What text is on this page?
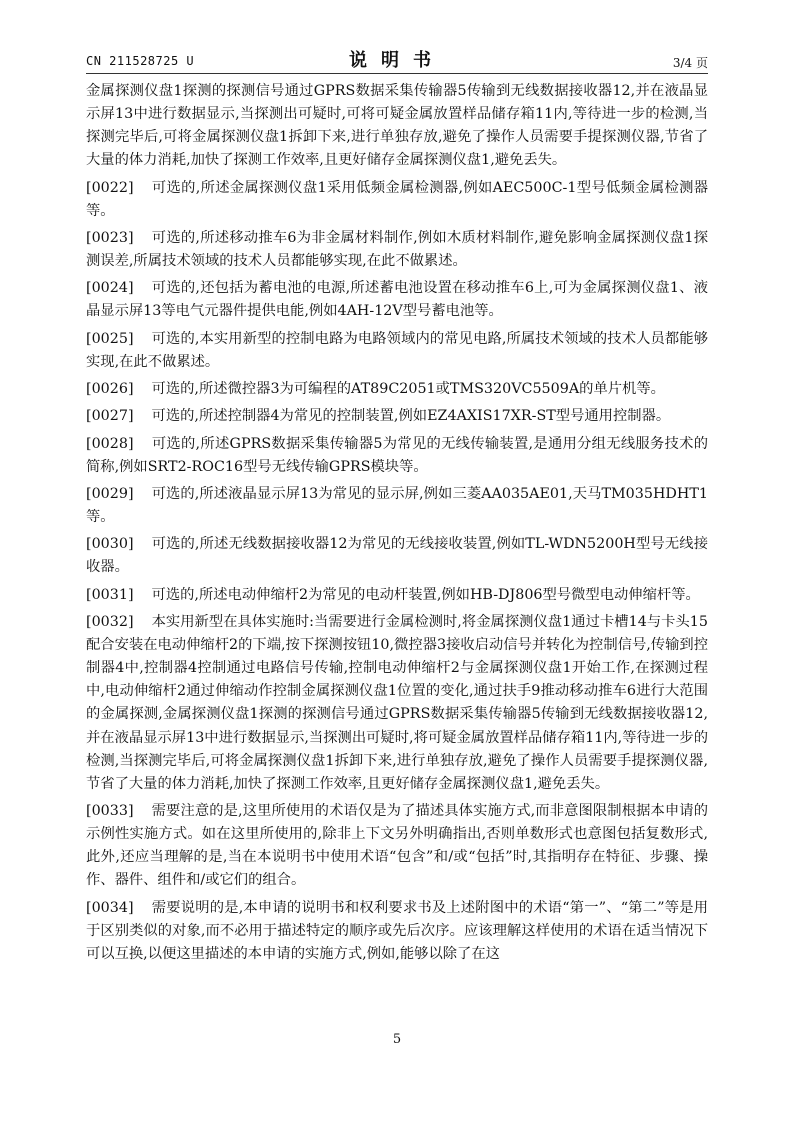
CN 211528725 U	说明书	3/4 页

金属探测仪盘1探测的探测信号通过GPRS数据采集传输器5传输到无线数据接收器12,并在液晶显示屏13中进行数据显示,当探测出可疑时,可将可疑金属放置样品储存箱11内,等待进一步的检测,当探测完毕后,可将金属探测仪盘1拆卸下来,进行单独存放,避免了操作人员需要手提探测仪器,节省了大量的体力消耗,加快了探测工作效率,且更好储存金属探测仪盘1,避免丢失。

[0022] 可选的,所述金属探测仪盘1采用低频金属检测器,例如AEC500C-1型号低频金属检测器等。

[0023] 可选的,所述移动推车6为非金属材料制作,例如木质材料制作,避免影响金属探测仪盘1探测误差,所属技术领域的技术人员都能够实现,在此不做累述。

[0024] 可选的,还包括为蓄电池的电源,所述蓄电池设置在移动推车6上,可为金属探测仪盘1、液晶显示屏13等电气元器件提供电能,例如4AH-12V型号蓄电池等。

[0025] 可选的,本实用新型的控制电路为电路领域内的常见电路,所属技术领域的技术人员都能够实现,在此不做累述。

[0026] 可选的,所述微控器3为可编程的AT89C2051或TMS320VC5509A的单片机等。

[0027] 可选的,所述控制器4为常见的控制装置,例如EZ4AXIS17XR-ST型号通用控制器。

[0028] 可选的,所述GPRS数据采集传输器5为常见的无线传输装置,是通用分组无线服务技术的简称,例如SRT2-ROC16型号无线传输GPRS模块等。

[0029] 可选的,所述液晶显示屏13为常见的显示屏,例如三菱AA035AE01,天马TM035HDHT1等。

[0030] 可选的,所述无线数据接收器12为常见的无线接收装置,例如TL-WDN5200H型号无线接收器。

[0031] 可选的,所述电动伸缩杆2为常见的电动杆装置,例如HB-DJ806型号微型电动伸缩杆等。

[0032] 本实用新型在具体实施时:当需要进行金属检测时,将金属探测仪盘1通过卡槽14与卡头15配合安装在电动伸缩杆2的下端,按下探测按钮10,微控器3接收启动信号并转化为控制信号,传输到控制器4中,控制器4控制通过电路信号传输,控制电动伸缩杆2与金属探测仪盘1开始工作,在探测过程中,电动伸缩杆2通过伸缩动作控制金属探测仪盘1位置的变化,通过扶手9推动移动推车6进行大范围的金属探测,金属探测仪盘1探测的探测信号通过GPRS数据采集传输器5传输到无线数据接收器12,并在液晶显示屏13中进行数据显示,当探测出可疑时,将可疑金属放置样品储存箱11内,等待进一步的检测,当探测完毕后,可将金属探测仪盘1拆卸下来,进行单独存放,避免了操作人员需要手提探测仪器,节省了大量的体力消耗,加快了探测工作效率,且更好储存金属探测仪盘1,避免丢失。

[0033] 需要注意的是,这里所使用的术语仅是为了描述具体实施方式,而非意图限制根据本申请的示例性实施方式。如在这里所使用的,除非上下文另外明确指出,否则单数形式也意图包括复数形式,此外,还应当理解的是,当在本说明书中使用术语“包含”和/或“包括”时,其指明存在特征、步骤、操作、器件、组件和/或它们的组合。

[0034] 需要说明的是,本申请的说明书和权利要求书及上述附图中的术语“第一”、“第二”等是用于区别类似的对象,而不必用于描述特定的顺序或先后次序。应该理解这样使用的术语在适当情况下可以互换,以便这里描述的本申请的实施方式,例如,能够以除了在这

5
